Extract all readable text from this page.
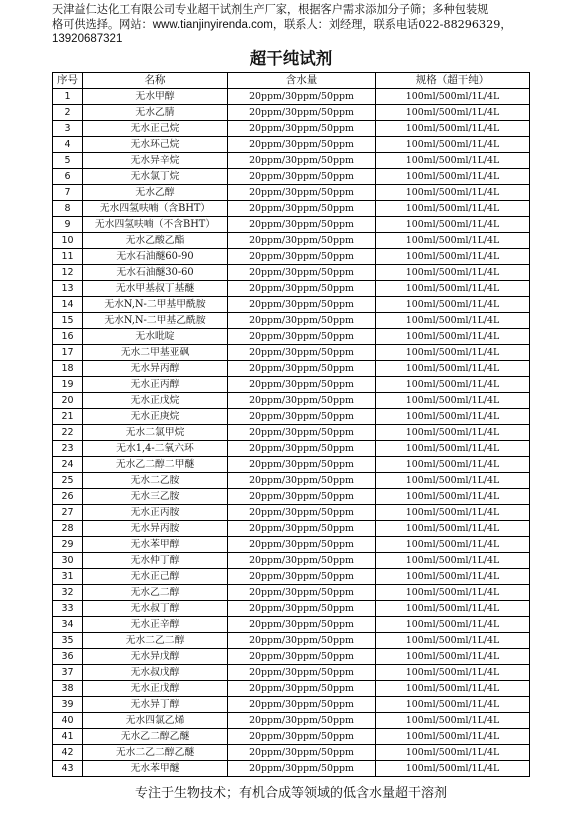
天津益仁达化工有限公司专业超干试剂生产厂家，根据客户需求添加分子筛；多种包装规
格可供选择。网站：www.tianjinyirenda.com，联系人：刘经理，联系电话022-88296329，
13920687321
超干纯试剂
序号	名称	含水量	规格（超干纯）
1	无水甲醇	20ppm/30ppm/50ppm	100ml/500ml/1L/4L
2	无水乙腈	20ppm/30ppm/50ppm	100ml/500ml/1L/4L
3	无水正己烷	20ppm/30ppm/50ppm	100ml/500ml/1L/4L
4	无水环己烷	20ppm/30ppm/50ppm	100ml/500ml/1L/4L
5	无水异辛烷	20ppm/30ppm/50ppm	100ml/500ml/1L/4L
6	无水氯丁烷	20ppm/30ppm/50ppm	100ml/500ml/1L/4L
7	无水乙醇	20ppm/30ppm/50ppm	100ml/500ml/1L/4L
8	无水四氢呋喃（含BHT）	20ppm/30ppm/50ppm	100ml/500ml/1L/4L
9	无水四氢呋喃（不含BHT）	20ppm/30ppm/50ppm	100ml/500ml/1L/4L
10	无水乙酸乙酯	20ppm/30ppm/50ppm	100ml/500ml/1L/4L
11	无水石油醚60-90	20ppm/30ppm/50ppm	100ml/500ml/1L/4L
12	无水石油醚30-60	20ppm/30ppm/50ppm	100ml/500ml/1L/4L
13	无水甲基叔丁基醚	20ppm/30ppm/50ppm	100ml/500ml/1L/4L
14	无水N,N-二甲基甲酰胺	20ppm/30ppm/50ppm	100ml/500ml/1L/4L
15	无水N,N-二甲基乙酰胺	20ppm/30ppm/50ppm	100ml/500ml/1L/4L
16	无水吡啶	20ppm/30ppm/50ppm	100ml/500ml/1L/4L
17	无水二甲基亚砜	20ppm/30ppm/50ppm	100ml/500ml/1L/4L
18	无水异丙醇	20ppm/30ppm/50ppm	100ml/500ml/1L/4L
19	无水正丙醇	20ppm/30ppm/50ppm	100ml/500ml/1L/4L
20	无水正戊烷	20ppm/30ppm/50ppm	100ml/500ml/1L/4L
21	无水正庚烷	20ppm/30ppm/50ppm	100ml/500ml/1L/4L
22	无水二氯甲烷	20ppm/30ppm/50ppm	100ml/500ml/1L/4L
23	无水1,4-二氧六环	20ppm/30ppm/50ppm	100ml/500ml/1L/4L
24	无水乙二醇二甲醚	20ppm/30ppm/50ppm	100ml/500ml/1L/4L
25	无水二乙胺	20ppm/30ppm/50ppm	100ml/500ml/1L/4L
26	无水三乙胺	20ppm/30ppm/50ppm	100ml/500ml/1L/4L
27	无水正丙胺	20ppm/30ppm/50ppm	100ml/500ml/1L/4L
28	无水异丙胺	20ppm/30ppm/50ppm	100ml/500ml/1L/4L
29	无水苯甲醇	20ppm/30ppm/50ppm	100ml/500ml/1L/4L
30	无水仲丁醇	20ppm/30ppm/50ppm	100ml/500ml/1L/4L
31	无水正己醇	20ppm/30ppm/50ppm	100ml/500ml/1L/4L
32	无水乙二醇	20ppm/30ppm/50ppm	100ml/500ml/1L/4L
33	无水叔丁醇	20ppm/30ppm/50ppm	100ml/500ml/1L/4L
34	无水正辛醇	20ppm/30ppm/50ppm	100ml/500ml/1L/4L
35	无水二乙二醇	20ppm/30ppm/50ppm	100ml/500ml/1L/4L
36	无水异戊醇	20ppm/30ppm/50ppm	100ml/500ml/1L/4L
37	无水叔戊醇	20ppm/30ppm/50ppm	100ml/500ml/1L/4L
38	无水正戊醇	20ppm/30ppm/50ppm	100ml/500ml/1L/4L
39	无水异丁醇	20ppm/30ppm/50ppm	100ml/500ml/1L/4L
40	无水四氯乙烯	20ppm/30ppm/50ppm	100ml/500ml/1L/4L
41	无水乙二醇乙醚	20ppm/30ppm/50ppm	100ml/500ml/1L/4L
42	无水二乙二醇乙醚	20ppm/30ppm/50ppm	100ml/500ml/1L/4L
43	无水苯甲醚	20ppm/30ppm/50ppm	100ml/500ml/1L/4L
专注于生物技术；有机合成等领域的低含水量超干溶剂
